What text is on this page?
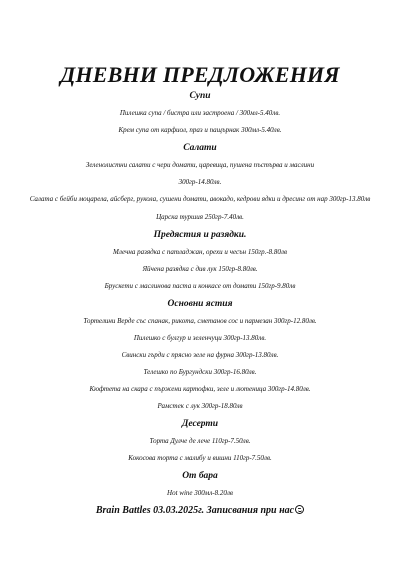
ДНЕВНИ ПРЕДЛОЖЕНИЯ

Супи

Пилешка супа / бистра или застроена / 300мл-5.40лв.

Крем супа от карфиол, праз и пащърнак 300мл-5.40лв.

Салати

Зеленолистни салати с чери домати, царевица, пушена пъстърва и маслини

300гр-14.80лв.

Салата с бейби моцарела, айсберг, рукола, сушени домати, авокадо, кедрови ядки и дресинг от нар 300гр-13.80лв

Царска туршия 250гр-7.40лв.

Предястия и разядки.

Млечна разядка с патладжан, орехи и чесън 150гр.-8.80лв

Яйчена разядка с див лук 150гр-8.80лв.

Брускети с маслинова паста и конкасе от домати 150гр-9.80лв

Основни ястия

Тортелини Верде със спанак, рикота, сметанов сос и пармезан 300гр-12.80лв.

Пилешко с булгур и зеленчуци 300гр-13.80лв.

Свински гърди с прясно зеле на фурна 300гр-13.80лв.

Телешко по Бургундски 300гр-16.80лв.

Кюфтета на скара с пържени картофки, зеле и лютеница 300гр-14.80лв.

Рамстек с лук 300гр-18.80лв

Десерти

Торта Дулче де лече 110гр-7.50лв.

Кокосова торта с малибу и вишни 110гр-7.50лв.

От бара

Hot wine 300мл-8.20лв

Brain Battles 03.03.2025г. Записвания при нас
